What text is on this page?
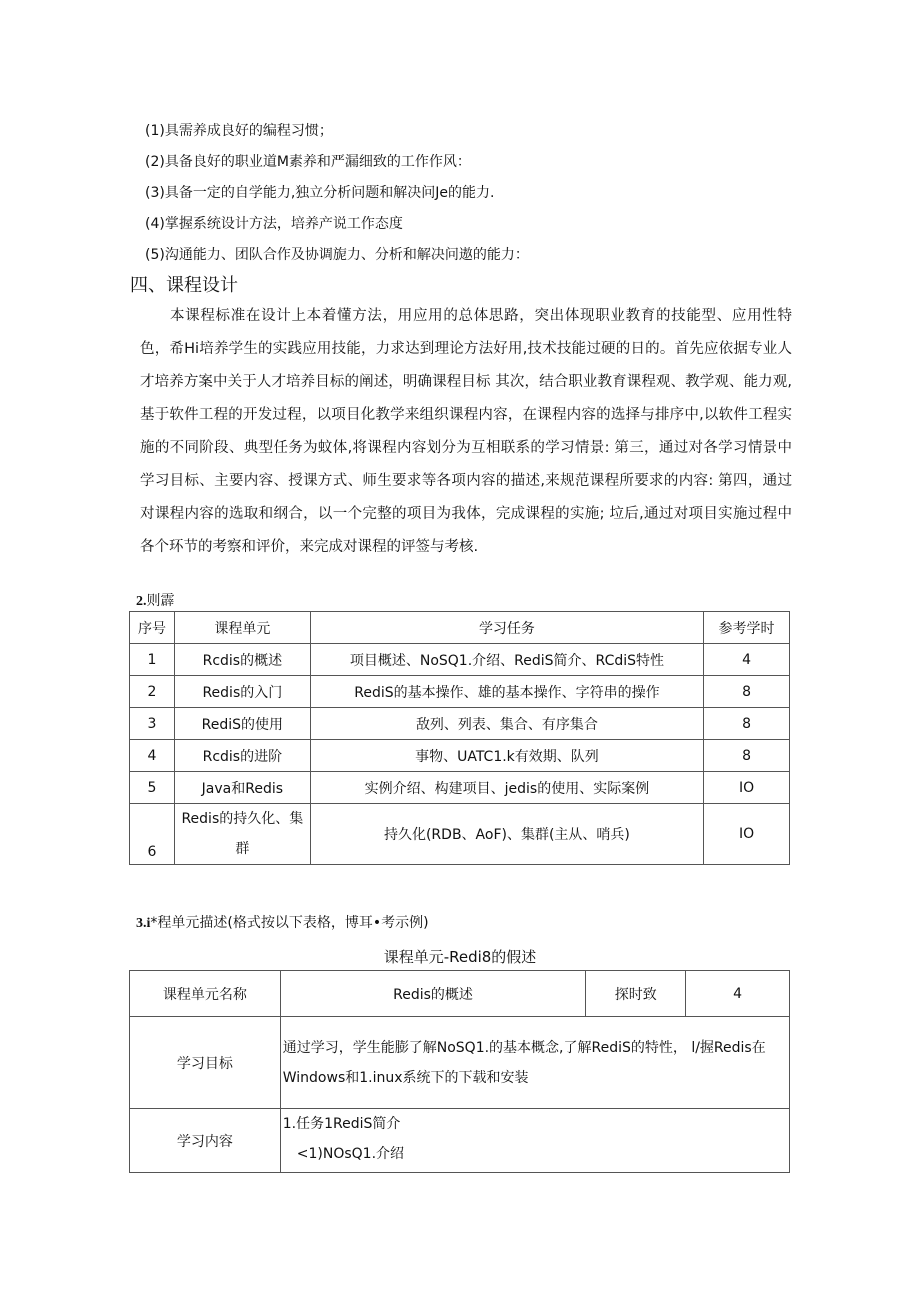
(1)具需养成良好的编程习惯；
(2)具备良好的职业道M素养和严漏细致的工作作风：
(3)具备一定的自学能力,独立分析问题和解决问Je的能力.
(4)掌握系统设计方法，培养产说工作态度
(5)沟通能力、团队合作及协调旎力、分析和解决问遨的能力：
四、课程设计
本课程标准在设计上本着懂方法，用应用的总体思路，突出体现职业教育的技能型、应用性特色，希Hi培养学生的实践应用技能，力求达到理论方法好用,技术技能过硬的日的。首先应依据专业人才培养方案中关于人才培养目标的阐述，明确课程目标 其次，结合职业教育课程观、教学观、能力观,基于软件工程的开发过程，以项目化教学来组织课程内容，在课程内容的选择与排序中,以软件工程实施的不同阶段、典型任务为蚊体,将课程内容划分为互相联系的学习情景: 第三，通过对各学习情景中学习目标、主要内容、授课方式、师生要求等各项内容的描述,来规范课程所要求的内容: 第四，通过对课程内容的选取和纲合，以一个完整的项目为我体，完成课程的实施; 垃后,通过对项目实施过程中各个环节的考察和评价，来完成对课程的评签与考核.
2.则霹
序号	课程单元	学习任务	参考学时
1	Rcdis的概述	项目概述、NoSQ1.介绍、RediS简介、RCdiS特性	4
2	Redis的入门	RediS的基本操作、雄的基本操作、字符串的操作	8
3	RediS的使用	敌列、列表、集合、有序集合	8
4	Rcdis的进阶	事物、UATC1.k有效期、队列	8
5	Java和Redis	实例介绍、构建项目、jedis的使用、实际案例	IO
6	Redis的持久化、集群	持久化(RDB、AoF)、集群(主从、哨兵)	IO
3.i*程单元描述(格式按以下表格，博耳•考示例)
课程单元-Redi8的假述
课程单元名称	Redis的概述	探时致	4
学习目标	通过学习，学生能膨了解NoSQ1.的基本概念,了解RediS的特性， l/握Redis在Windows和1.inux系统下的下载和安装		
学习内容	1.任务1RediS简介
<1)NOsQ1.介绍		
